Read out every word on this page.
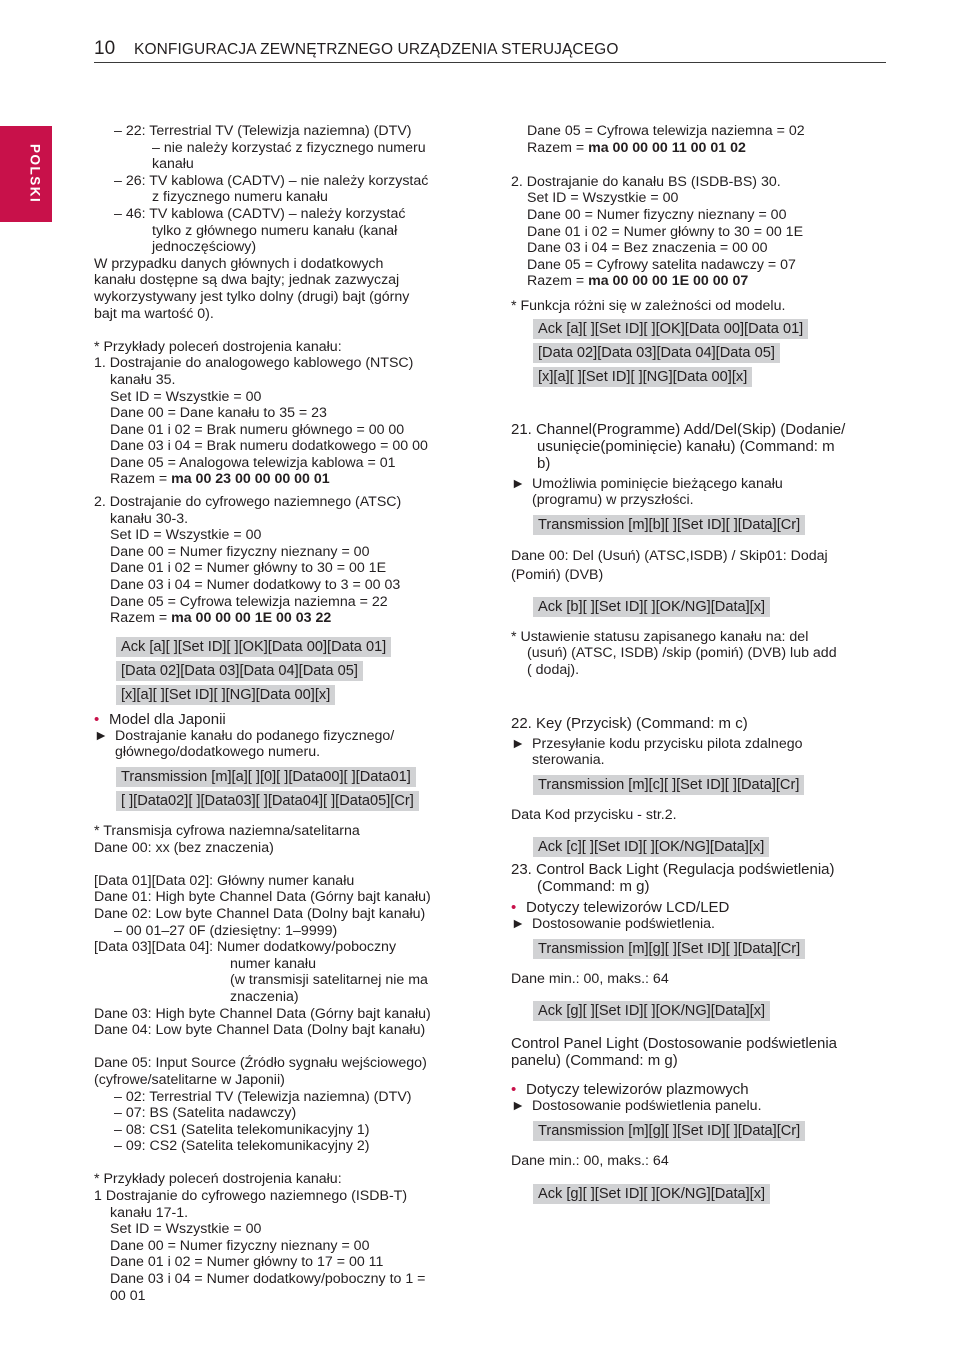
10 KONFIGURACJA ZEWNĘTRZNEGO URZĄDZENIA STERUJĄCEGO
POLSKI
– 22: Terrestrial TV (Telewizja naziemna) (DTV)
– nie należy korzystać z fizycznego numeru
kanału
– 26: TV kablowa (CADTV) – nie należy korzystać
z fizycznego numeru kanału
– 46: TV kablowa (CADTV) – należy korzystać
tylko z głównego numeru kanału (kanał
jednoczęściowy)
W przypadku danych głównych i dodatkowych
kanału dostępne są dwa bajty; jednak zazwyczaj
wykorzystywany jest tylko dolny (drugi) bajt (górny
bajt ma wartość 0).
* Przykłady poleceń dostrojenia kanału:
1. Dostrajanie do analogowego kablowego (NTSC)
kanału 35.
Set ID = Wszystkie = 00
Dane 00 = Dane kanału to 35 = 23
Dane 01 i 02 = Brak numeru głównego = 00 00
Dane 03 i 04 = Brak numeru dodatkowego = 00 00
Dane 05 = Analogowa telewizja kablowa = 01
Razem = ma 00 23 00 00 00 00 01
2. Dostrajanie do cyfrowego naziemnego (ATSC)
kanału 30-3.
Set ID = Wszystkie = 00
Dane 00 = Numer fizyczny nieznany = 00
Dane 01 i 02 = Numer główny to 30 = 00 1E
Dane 03 i 04 = Numer dodatkowy to 3 = 00 03
Dane 05 = Cyfrowa telewizja naziemna = 22
Razem = ma 00 00 00 1E 00 03 22
Ack [a][ ][Set ID][ ][OK][Data 00][Data 01]
[Data 02][Data 03][Data 04][Data 05]
[x][a][ ][Set ID][ ][NG][Data 00][x]
• Model dla Japonii
► Dostrajanie kanału do podanego fizycznego/
głównego/dodatkowego numeru.
Transmission [m][a][ ][0][ ][Data00][ ][Data01]
[ ][Data02][ ][Data03][ ][Data04][ ][Data05][Cr]
* Transmisja cyfrowa naziemna/satelitarna
Dane 00: xx (bez znaczenia)
[Data 01][Data 02]: Główny numer kanału
Dane 01: High byte Channel Data (Górny bajt kanału)
Dane 02: Low byte Channel Data (Dolny bajt kanału)
– 00 01–27 0F (dziesiętny: 1–9999)
[Data 03][Data 04]: Numer dodatkowy/poboczny
numer kanału
(w transmisji satelitarnej nie ma
znaczenia)
Dane 03: High byte Channel Data (Górny bajt kanału)
Dane 04: Low byte Channel Data (Dolny bajt kanału)
Dane 05: Input Source (Źródło sygnału wejściowego)
(cyfrowe/satelitarne w Japonii)
– 02: Terrestrial TV (Telewizja naziemna) (DTV)
– 07: BS (Satelita nadawczy)
– 08: CS1 (Satelita telekomunikacyjny 1)
– 09: CS2 (Satelita telekomunikacyjny 2)
* Przykłady poleceń dostrojenia kanału:
1 Dostrajanie do cyfrowego naziemnego (ISDB-T)
kanału 17-1.
Set ID = Wszystkie = 00
Dane 00 = Numer fizyczny nieznany = 00
Dane 01 i 02 = Numer główny to 17 = 00 11
Dane 03 i 04 = Numer dodatkowy/poboczny to 1 =
00 01
Dane 05 = Cyfrowa telewizja naziemna = 02
Razem = ma 00 00 00 11 00 01 02
2. Dostrajanie do kanału BS (ISDB-BS) 30.
Set ID = Wszystkie = 00
Dane 00 = Numer fizyczny nieznany = 00
Dane 01 i 02 = Numer główny to 30 = 00 1E
Dane 03 i 04 = Bez znaczenia = 00 00
Dane 05 = Cyfrowy satelita nadawczy = 07
Razem = ma 00 00 00 1E 00 00 07
* Funkcja różni się w zależności od modelu.
Ack [a][ ][Set ID][ ][OK][Data 00][Data 01]
[Data 02][Data 03][Data 04][Data 05]
[x][a][ ][Set ID][ ][NG][Data 00][x]
21. Channel(Programme) Add/Del(Skip) (Dodanie/
usunięcie(pominięcie) kanału) (Command: m
b)
► Umożliwia pominięcie bieżącego kanału
(programu) w przyszłości.
Transmission [m][b][ ][Set ID][ ][Data][Cr]
Dane 00: Del (Usuń) (ATSC,ISDB) / Skip01: Dodaj
(Pomiń) (DVB)
Ack [b][ ][Set ID][ ][OK/NG][Data][x]
* Ustawienie statusu zapisanego kanału na: del
(usuń) (ATSC, ISDB) /skip (pomiń) (DVB) lub add
( dodaj).
22. Key (Przycisk) (Command: m c)
► Przesyłanie kodu przycisku pilota zdalnego
sterowania.
Transmission [m][c][ ][Set ID][ ][Data][Cr]
Data Kod przycisku - str.2.
Ack [c][ ][Set ID][ ][OK/NG][Data][x]
23. Control Back Light (Regulacja podświetlenia)
(Command: m g)
• Dotyczy telewizorów LCD/LED
► Dostosowanie podświetlenia.
Transmission [m][g][ ][Set ID][ ][Data][Cr]
Dane min.: 00, maks.: 64
Ack [g][ ][Set ID][ ][OK/NG][Data][x]
Control Panel Light (Dostosowanie podświetlenia
panelu) (Command: m g)
• Dotyczy telewizorów plazmowych
► Dostosowanie podświetlenia panelu.
Transmission [m][g][ ][Set ID][ ][Data][Cr]
Dane min.: 00, maks.: 64
Ack [g][ ][Set ID][ ][OK/NG][Data][x]
